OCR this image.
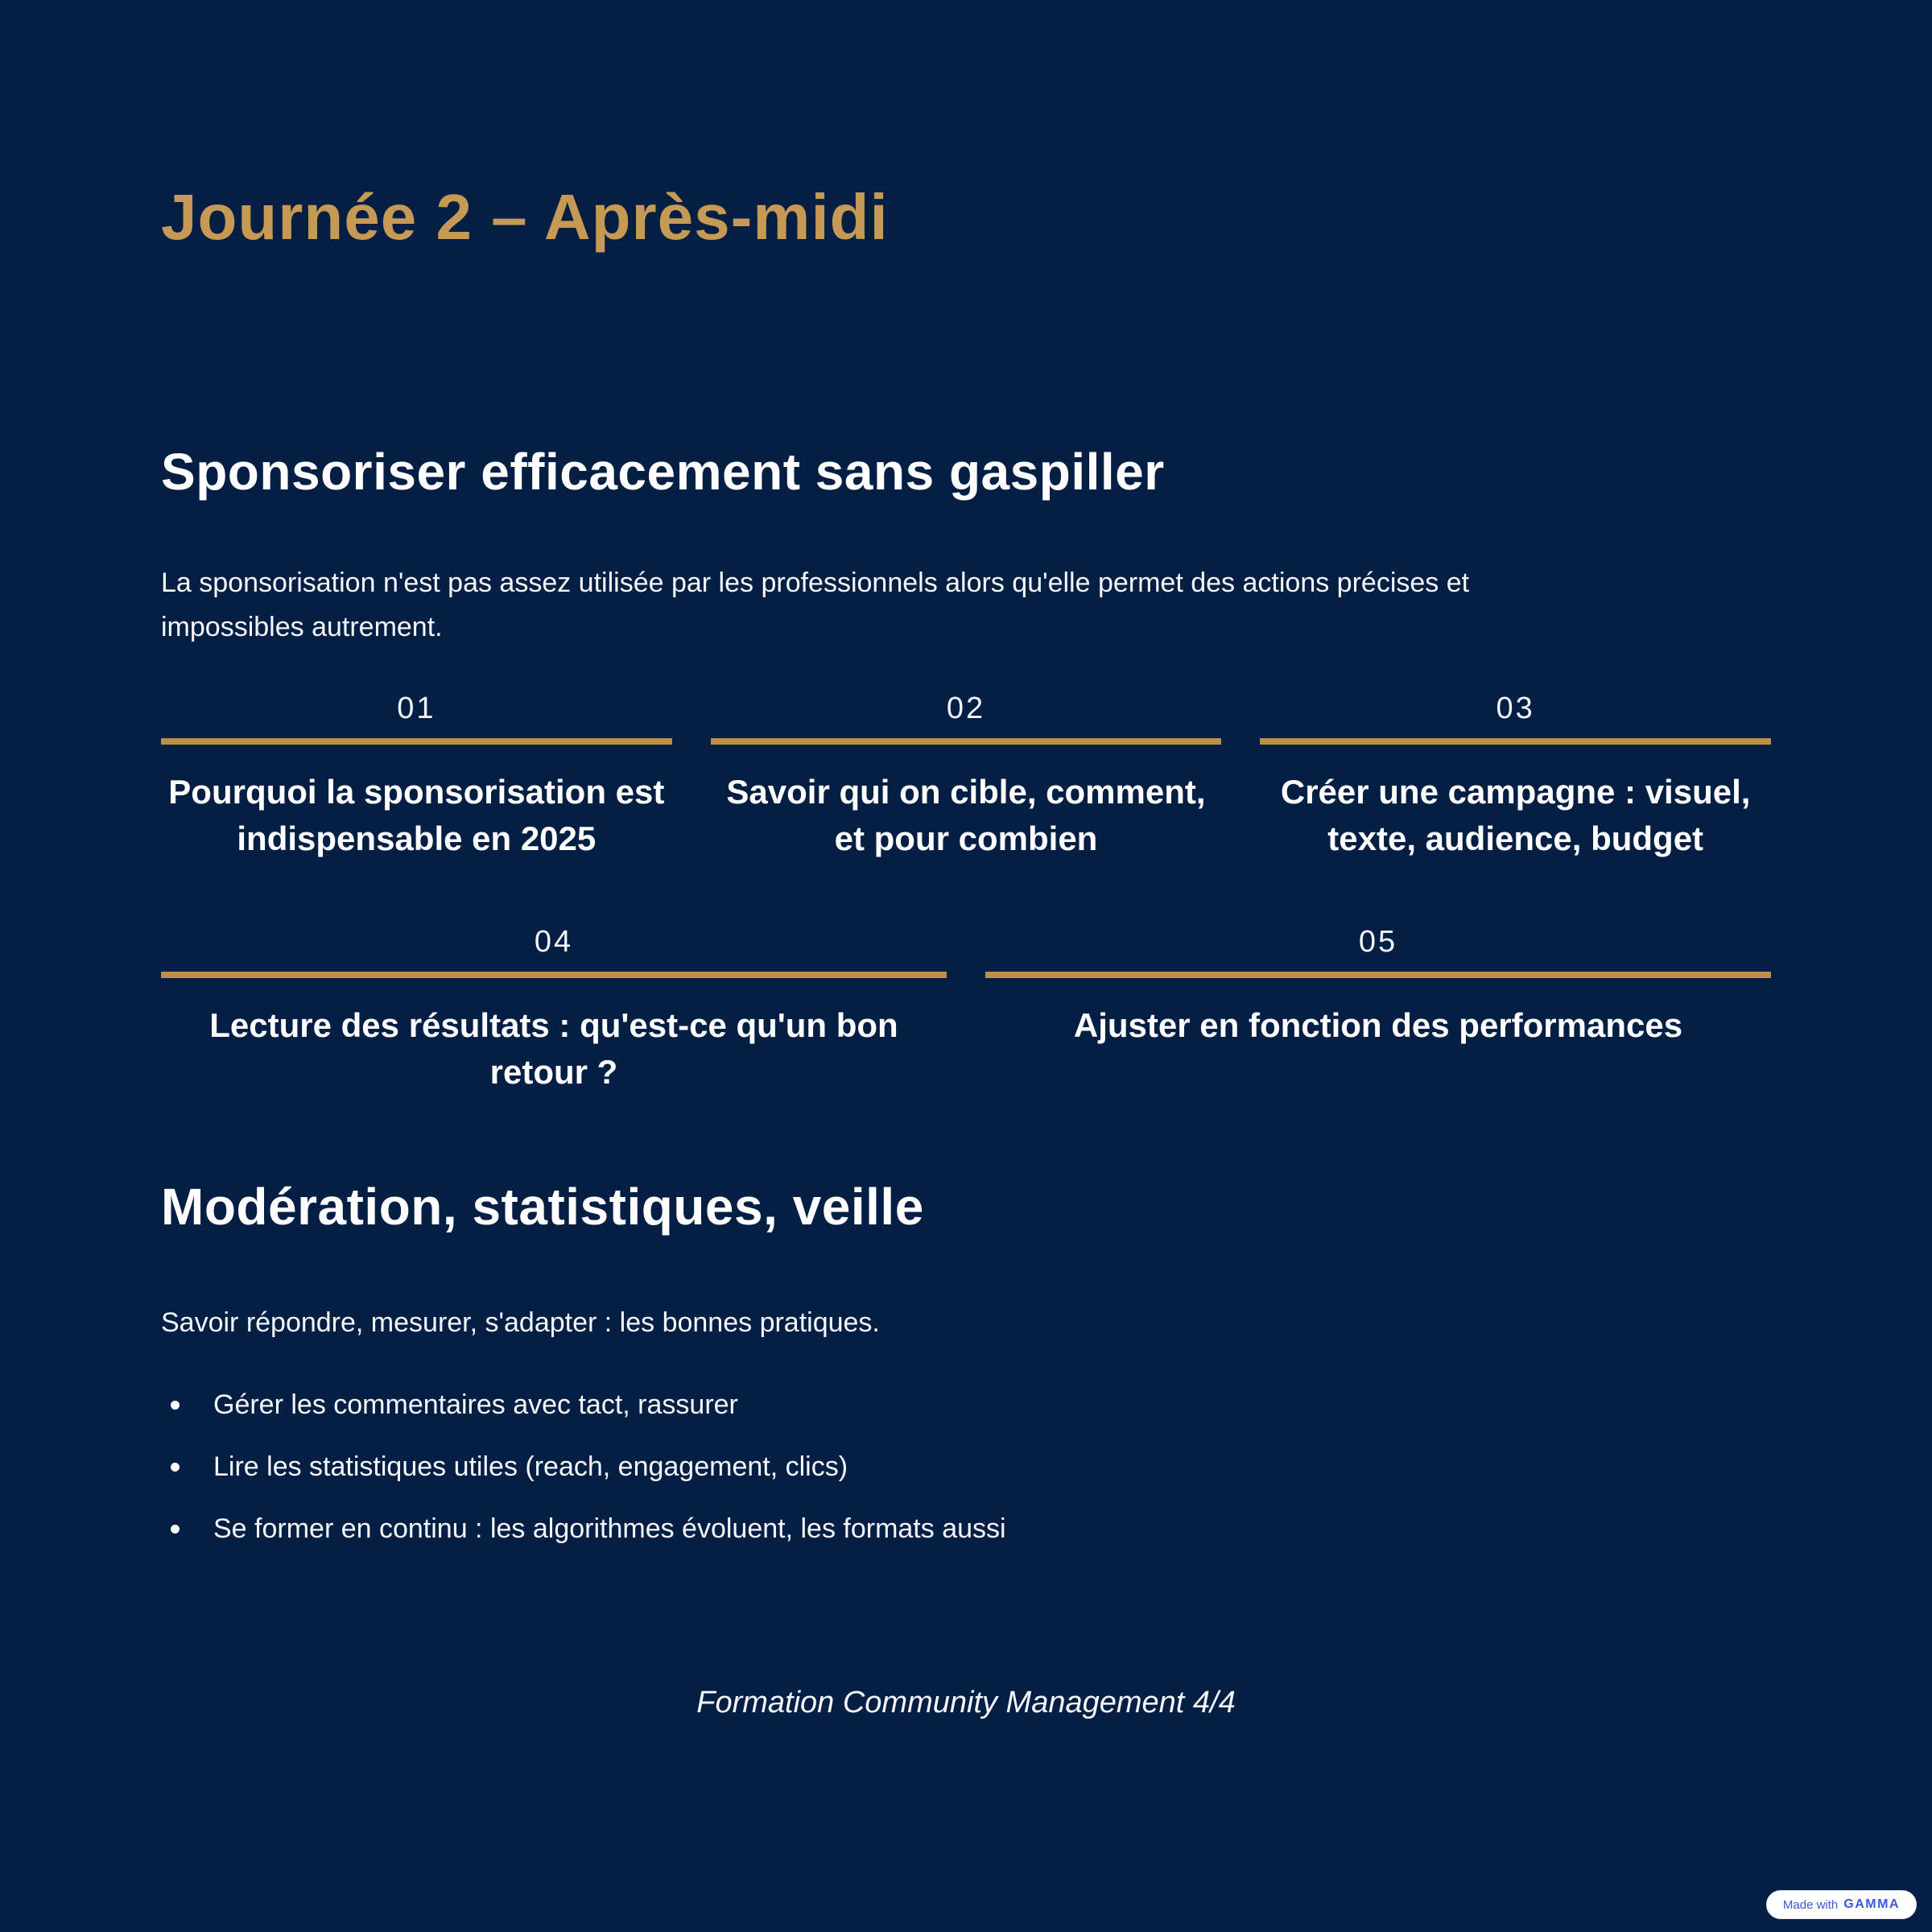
Journée 2 – Après-midi
Sponsoriser efficacement sans gaspiller

La sponsorisation n'est pas assez utilisée par les professionnels alors qu'elle permet des actions précises et impossibles autrement.

01
Pourquoi la sponsorisation est indispensable en 2025
02
Savoir qui on cible, comment, et pour combien
03
Créer une campagne : visuel, texte, audience, budget
04
Lecture des résultats : qu'est-ce qu'un bon retour ?
05
Ajuster en fonction des performances
Modération, statistiques, veille

Savoir répondre, mesurer, s'adapter : les bonnes pratiques.

Gérer les commentaires avec tact, rassurer
Lire les statistiques utiles (reach, engagement, clics)
Se former en continu : les algorithmes évoluent, les formats aussi

Formation Community Management 4/4

Made with GAMMA
